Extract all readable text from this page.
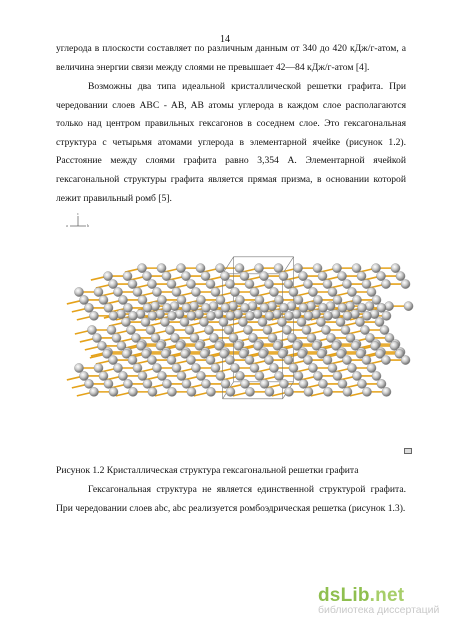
14
углерода в плоскости составляет по различным данным от 340 до 420 кДж/г-атом, а величина энергии связи между слоями не превышает 42—84 кДж/г-атом [4].
Возможны два типа идеальной кристаллической решетки графита. При чередовании слоев ABC - AB, AB атомы углерода в каждом слое располагаются только над центром правильных гексагонов в соседнем слое. Это гексагональная структура с четырьмя атомами углерода в элементарной ячейке (рисунок 1.2). Расстояние между слоями графита равно 3,354 А. Элементарной ячейкой гексагональной структуры графита является прямая призма, в основании которой лежит правильный ромб [5].
c
a	b
Рисунок 1.2 Кристаллическая структура гексагональной решетки графита
Гексагональная структура не является единственной структурой графита. При чередовании слоев abc, abc реализуется ромбоэдрическая решетка (рисунок 1.3).
dsLib.net
библиотека диссертаций
